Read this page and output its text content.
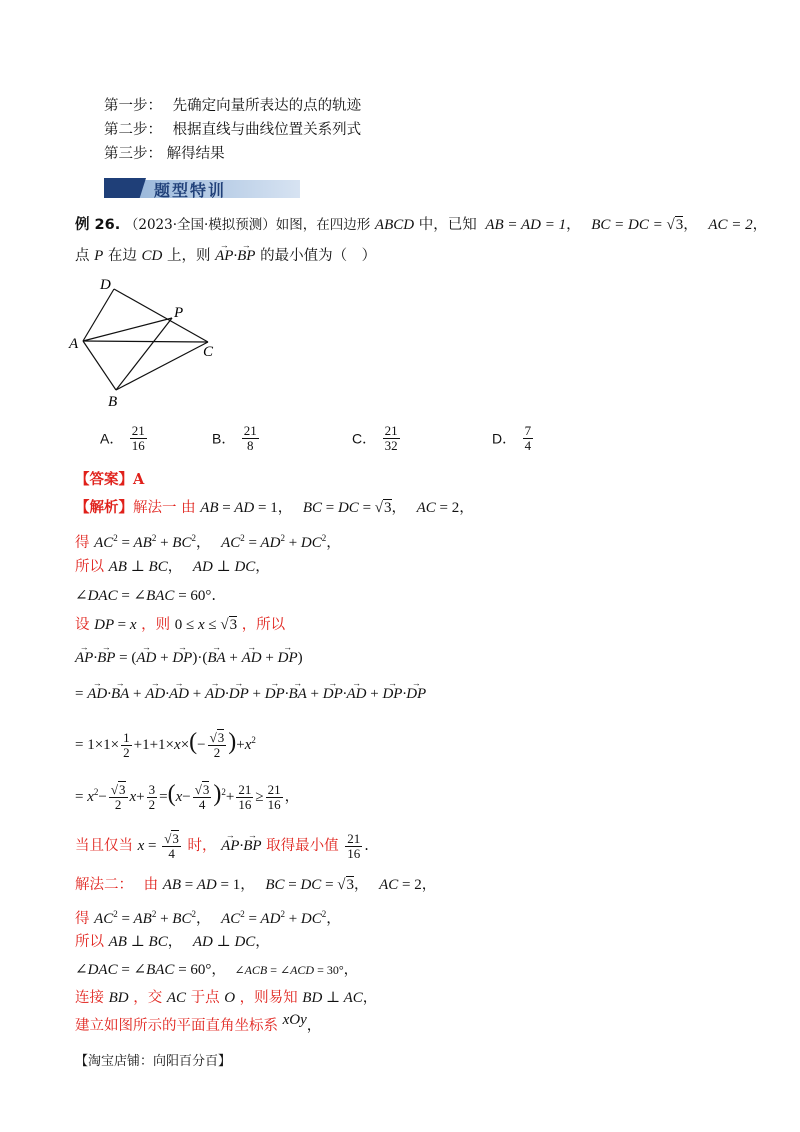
第一步： 先确定向量所表达的点的轨迹
第二步： 根据直线与曲线位置关系列式
第三步： 解得结果
题型特训
例 26. （2023·全国·模拟预测）如图，在四边形 ABCD 中，已知 AB = AD = 1， BC = DC = √3， AC = 2，
点 P 在边 CD 上，则 → AP·→ BP 的最小值为（　）
D
P
A	C
B
A． $\frac{21}{16}$	B． $\frac{21}{8}$	C． $\frac{21}{32}$	D． $\frac{7}{4}$
【答案】A
【解析】解法一 由 AB = AD = 1， BC = DC = √3， AC = 2，
得 $AC^2 = AB^2 + BC^2$， $AC^2 = AD^2 + DC^2$，
所以 AB ⊥ BC， AD ⊥ DC，
∠DAC = ∠BAC = 60°.
设 DP = x ，则 0 ≤ x ≤ √3 ，所以
→ AP·→ BP = (→ AD + → DP)·(→ BA + → AD + → DP)
= → AD·→ BA + → AD·→ AD + → AD·→ DP + → DP·→ BA + → DP·→ AD + → DP·→ DP
= $1\times 1\times \frac{1}{2} +1+1\times x\times(- \frac{√3}{2} )+x^2$
= $x^2- \frac{√3}{2} x+ \frac{3}{2} =(x- \frac{√3}{4} )^2+ \frac{21}{16} \ge \frac{21}{16}$ ，
当且仅当 $x = \frac{√3}{4}$ 时， → AP·→ BP 取得最小值 $\frac{21}{16}$ .
解法二： 由 AB = AD = 1， BC = DC = √3， AC = 2，
得 $AC^2 = AB^2 + BC^2$， $AC^2 = AD^2 + DC^2$，
所以 AB ⊥ BC， AD ⊥ DC，
∠DAC = ∠BAC = 60°， ∠ACB = ∠ACD = 30°，
连接 BD ，交 AC 于点 O ，则易知 BD ⊥ AC，
建立如图所示的平面直角坐标系 xOy，
【淘宝店铺：向阳百分百】
